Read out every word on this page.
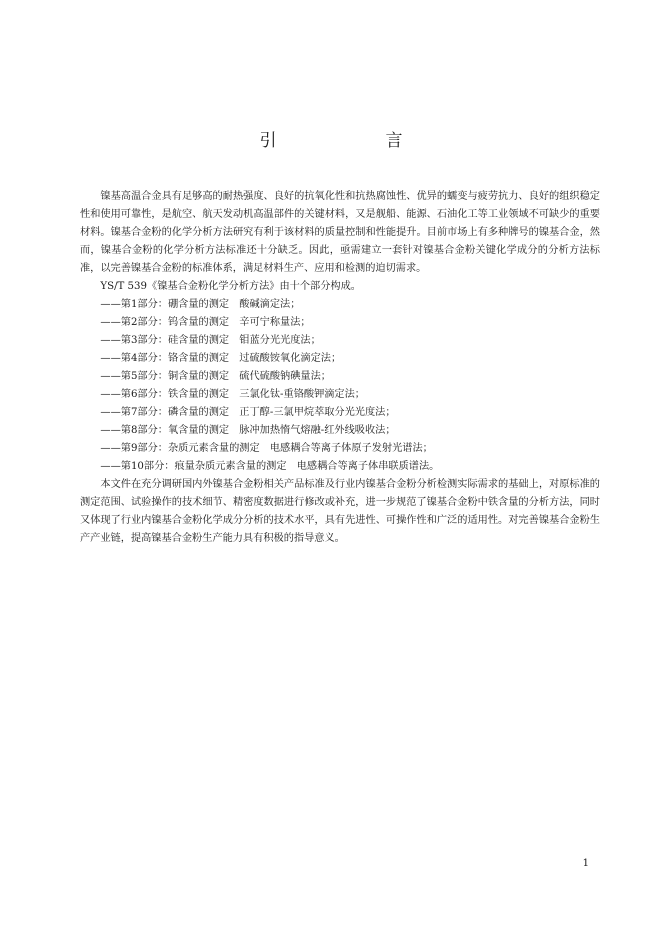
引　言

镍基高温合金具有足够高的耐热强度、良好的抗氧化性和抗热腐蚀性、优异的蠕变与疲劳抗力、良好的组织稳定性和使用可靠性，是航空、航天发动机高温部件的关键材料，又是舰船、能源、石油化工等工业领域不可缺少的重要材料。镍基合金粉的化学分析方法研究有利于该材料的质量控制和性能提升。目前市场上有多种牌号的镍基合金，然而，镍基合金粉的化学分析方法标准还十分缺乏。因此，亟需建立一套针对镍基合金粉关键化学成分的分析方法标准，以完善镍基合金粉的标准体系，满足材料生产、应用和检测的迫切需求。

YS/T 539《镍基合金粉化学分析方法》由十个部分构成。

——第1部分：硼含量的测定　酸碱滴定法；
——第2部分：钨含量的测定　辛可宁称量法；
——第3部分：硅含量的测定　钼蓝分光光度法；
——第4部分：铬含量的测定　过硫酸铵氧化滴定法；
——第5部分：铜含量的测定　硫代硫酸钠碘量法；
——第6部分：铁含量的测定　三氯化钛-重铬酸钾滴定法；
——第7部分：磷含量的测定　正丁醇-三氯甲烷萃取分光光度法；
——第8部分：氧含量的测定　脉冲加热惰气熔融-红外线吸收法；
——第9部分：杂质元素含量的测定　电感耦合等离子体原子发射光谱法；
——第10部分：痕量杂质元素含量的测定　电感耦合等离子体串联质谱法。

本文件在充分调研国内外镍基合金粉相关产品标准及行业内镍基合金粉分析检测实际需求的基础上，对原标准的测定范围、试验操作的技术细节、精密度数据进行修改或补充，进一步规范了镍基合金粉中铁含量的分析方法，同时又体现了行业内镍基合金粉化学成分分析的技术水平，具有先进性、可操作性和广泛的适用性。对完善镍基合金粉生产产业链，提高镍基合金粉生产能力具有积极的指导意义。

1
